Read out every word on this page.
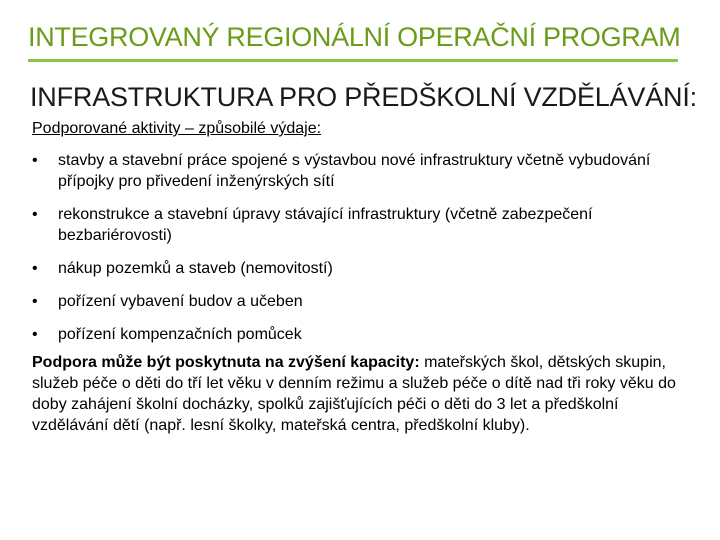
INTEGROVANÝ REGIONÁLNÍ OPERAČNÍ PROGRAM
INFRASTRUKTURA PRO PŘEDŠKOLNÍ VZDĚLÁVÁNÍ:
Podporované aktivity – způsobilé výdaje:
• stavby a stavební práce spojené s výstavbou nové infrastruktury včetně vybudování přípojky pro přivedení inženýrských sítí
• rekonstrukce a stavební úpravy stávající infrastruktury (včetně zabezpečení bezbariérovosti)
• nákup pozemků a staveb (nemovitostí)
• pořízení vybavení budov a učeben
• pořízení kompenzačních pomůcek
Podpora může být poskytnuta na zvýšení kapacity: mateřských škol, dětských skupin, služeb péče o děti do tří let věku v denním režimu a služeb péče o dítě nad tři roky věku do doby zahájení školní docházky, spolků zajišťujících péči o děti do 3 let a předškolní vzdělávání dětí (např. lesní školky, mateřská centra, předškolní kluby).
